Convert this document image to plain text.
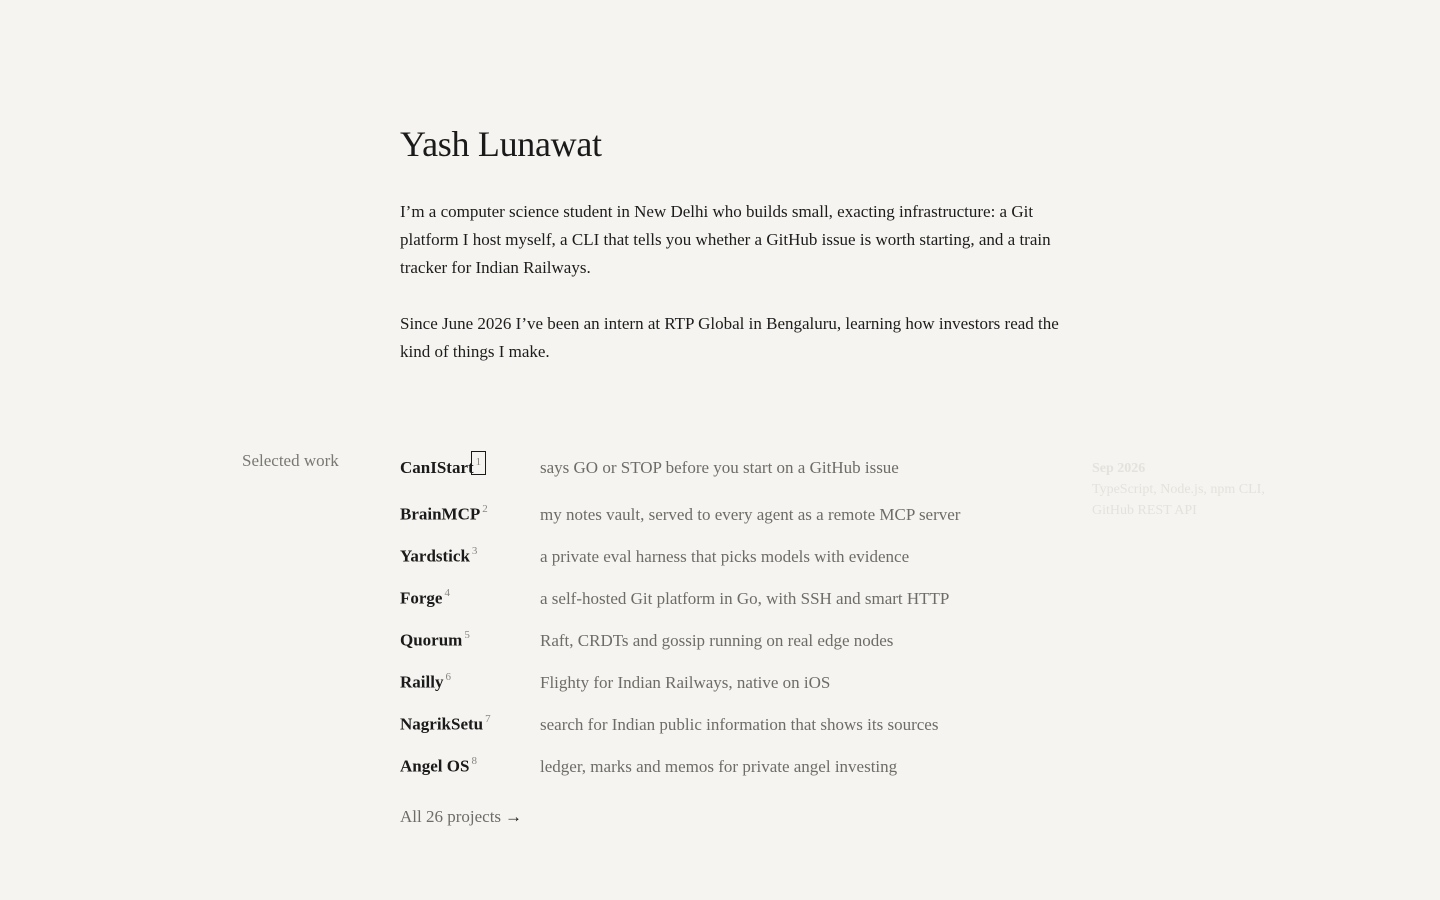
Yash Lunawat

I’m a computer science student in New Delhi who builds small, exacting infrastructure: a Git platform I host myself, a CLI that tells you whether a GitHub issue is worth starting, and a train tracker for Indian Railways.

Since June 2026 I’ve been an intern at RTP Global in Bengaluru, learning how investors read the kind of things I make.

Selected work	CanIStart $^1$	says GO or STOP before you start on a GitHub issue
BrainMCP $^2$	my notes vault, served to every agent as a remote MCP server
Yardstick $^3$	a private eval harness that picks models with evidence
Forge $^4$	a self-hosted Git platform in Go, with SSH and smart HTTP
Quorum $^5$	Raft, CRDTs and gossip running on real edge nodes
Railly $^6$	Flighty for Indian Railways, native on iOS
NagrikSetu $^7$	search for Indian public information that shows its sources
Angel OS $^8$	ledger, marks and memos for private angel investing
All 26 projects →
Sep 2026
TypeScript, Node.js, npm CLI,
GitHub REST API
